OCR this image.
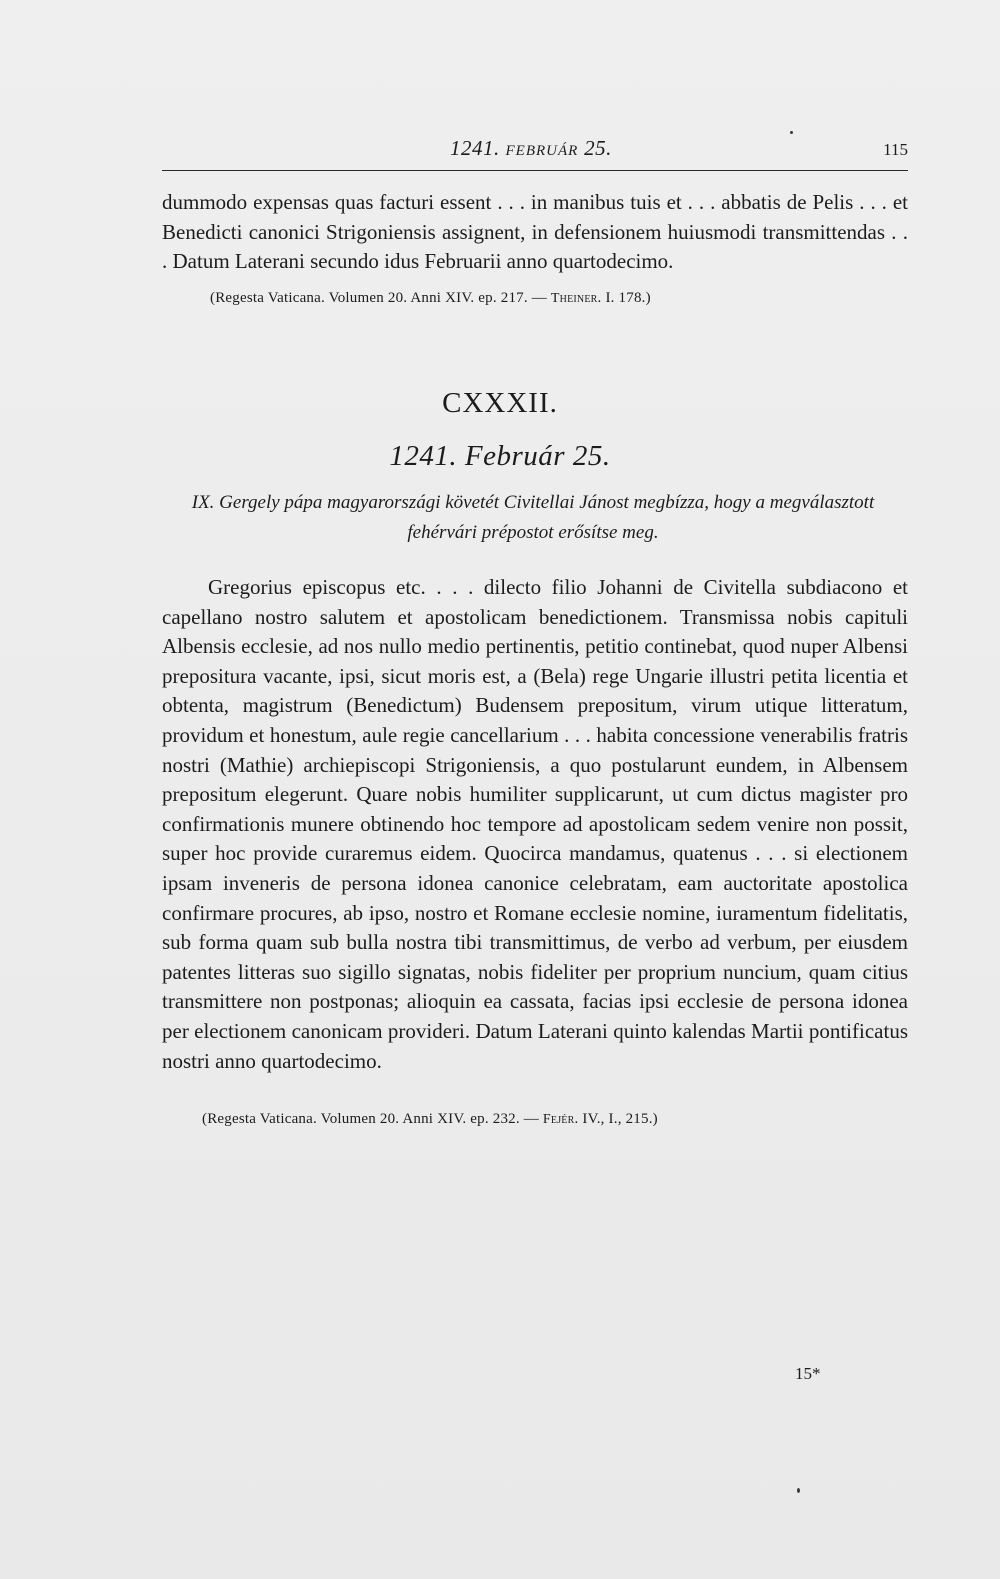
1241. FEBRUÁR 25.	115

dummodo expensas quas facturi essent . . . in manibus tuis et . . . abbatis de Pelis . . . et Benedicti canonici Strigoniensis assignent, in defensionem huiusmodi transmittendas . . . Datum Laterani secundo idus Februarii anno quartodecimo.

(Regesta Vaticana. Volumen 20. Anni XIV. ep. 217. — Theiner. I. 178.)
CXXXII.
1241. Február 25.
IX. Gergely pápa magyarországi követét Civitellai Jánost megbízza, hogy a megválasztott
fehérvári prépostot erősítse meg.

Gregorius episcopus etc. . . . dilecto filio Johanni de Civitella subdiacono et capellano nostro salutem et apostolicam benedictionem. Transmissa nobis capituli Albensis ecclesie, ad nos nullo medio pertinentis, petitio continebat, quod nuper Albensi prepositura vacante, ipsi, sicut moris est, a (Bela) rege Ungarie illustri petita licentia et obtenta, magistrum (Benedictum) Budensem prepositum, virum utique litteratum, providum et honestum, aule regie cancellarium . . . habita concessione venerabilis fratris nostri (Mathie) archiepiscopi Strigoniensis, a quo postularunt eundem, in Albensem prepositum elegerunt. Quare nobis humiliter supplicarunt, ut cum dictus magister pro confirmationis munere obtinendo hoc tempore ad apostolicam sedem venire non possit, super hoc provide curaremus eidem. Quocirca mandamus, quatenus . . . si electionem ipsam inveneris de persona idonea canonice celebratam, eam auctoritate apostolica confirmare procures, ab ipso, nostro et Romane ecclesie nomine, iuramentum fidelitatis, sub forma quam sub bulla nostra tibi transmittimus, de verbo ad verbum, per eiusdem patentes litteras suo sigillo signatas, nobis fideliter per proprium nuncium, quam citius transmittere non postponas; alioquin ea cassata, facias ipsi ecclesie de persona idonea per electionem canonicam provideri. Datum Laterani quinto kalendas Martii pontificatus nostri anno quartodecimo.

(Regesta Vaticana. Volumen 20. Anni XIV. ep. 232. — Fejér. IV., I., 215.)
15*
